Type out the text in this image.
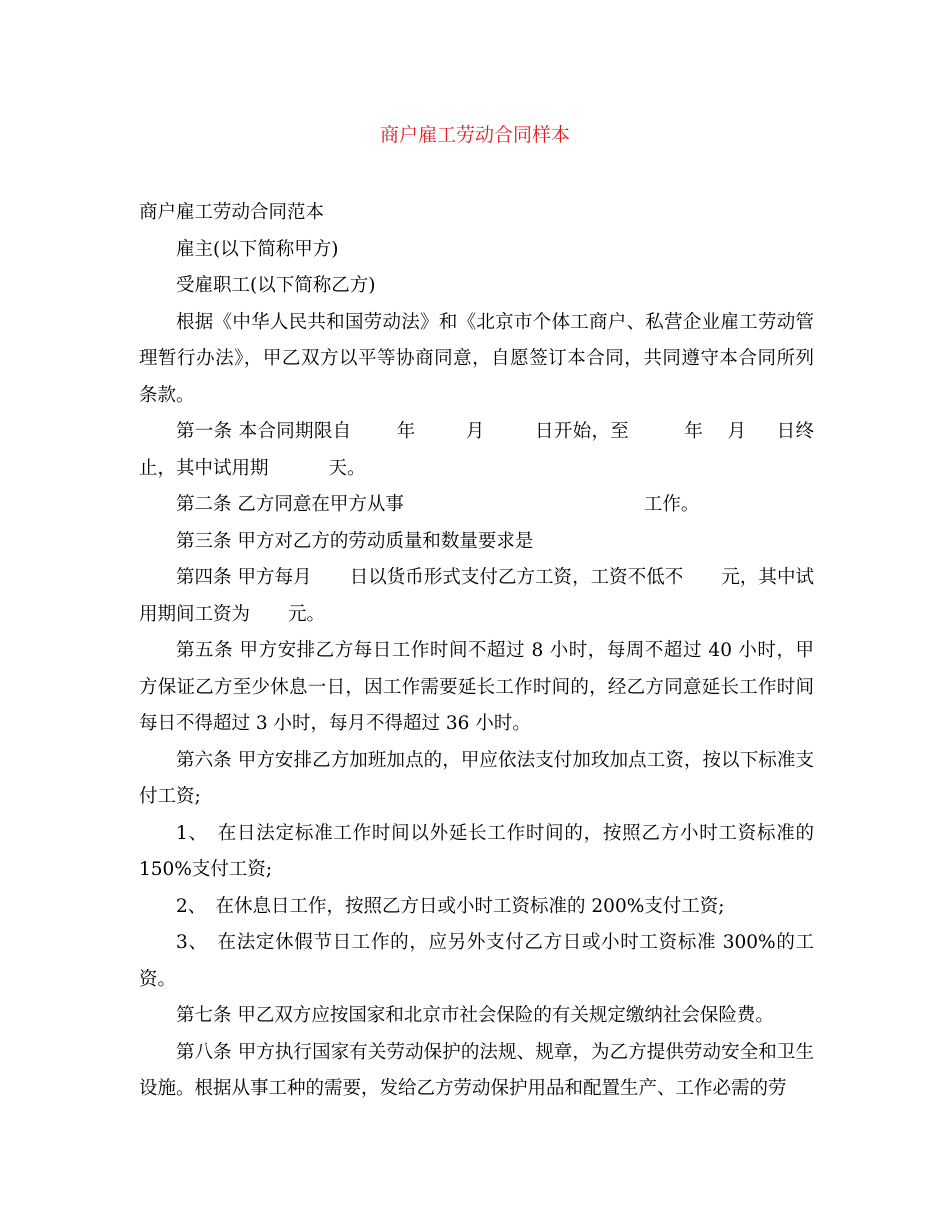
商户雇工劳动合同样本

商户雇工劳动合同范本

雇主(以下简称甲方)

受雇职工(以下简称乙方)

根据《中华人民共和国劳动法》和《北京市个体工商户、私营企业雇工劳动管理暂行办法》，甲乙双方以平等协商同意，自愿签订本合同，共同遵守本合同所列条款。

第一条 本合同期限自 年	月	日开始，至	年 月 日终止，其中试用期	天。

第二条 乙方同意在甲方从事	工作。

第三条 甲方对乙方的劳动质量和数量要求是

第四条 甲方每月 日以货币形式支付乙方工资，工资不低不 元，其中试用期间工资为 元。

第五条 甲方安排乙方每日工作时间不超过 8 小时，每周不超过 40 小时，甲方保证乙方至少休息一日，因工作需要延长工作时间的，经乙方同意延长工作时间每日不得超过 3 小时，每月不得超过 36 小时。

第六条 甲方安排乙方加班加点的，甲应依法支付加玫加点工资，按以下标准支付工资;

1、　在日法定标准工作时间以外延长工作时间的，按照乙方小时工资标准的 150%支付工资;

2、　在休息日工作，按照乙方日或小时工资标准的 200%支付工资;

3、　在法定休假节日工作的，应另外支付乙方日或小时工资标准 300%的工资。

第七条 甲乙双方应按国家和北京市社会保险的有关规定缴纳社会保险费。

第八条 甲方执行国家有关劳动保护的法规、规章，为乙方提供劳动安全和卫生设施。根据从事工种的需要，发给乙方劳动保护用品和配置生产、工作必需的劳
